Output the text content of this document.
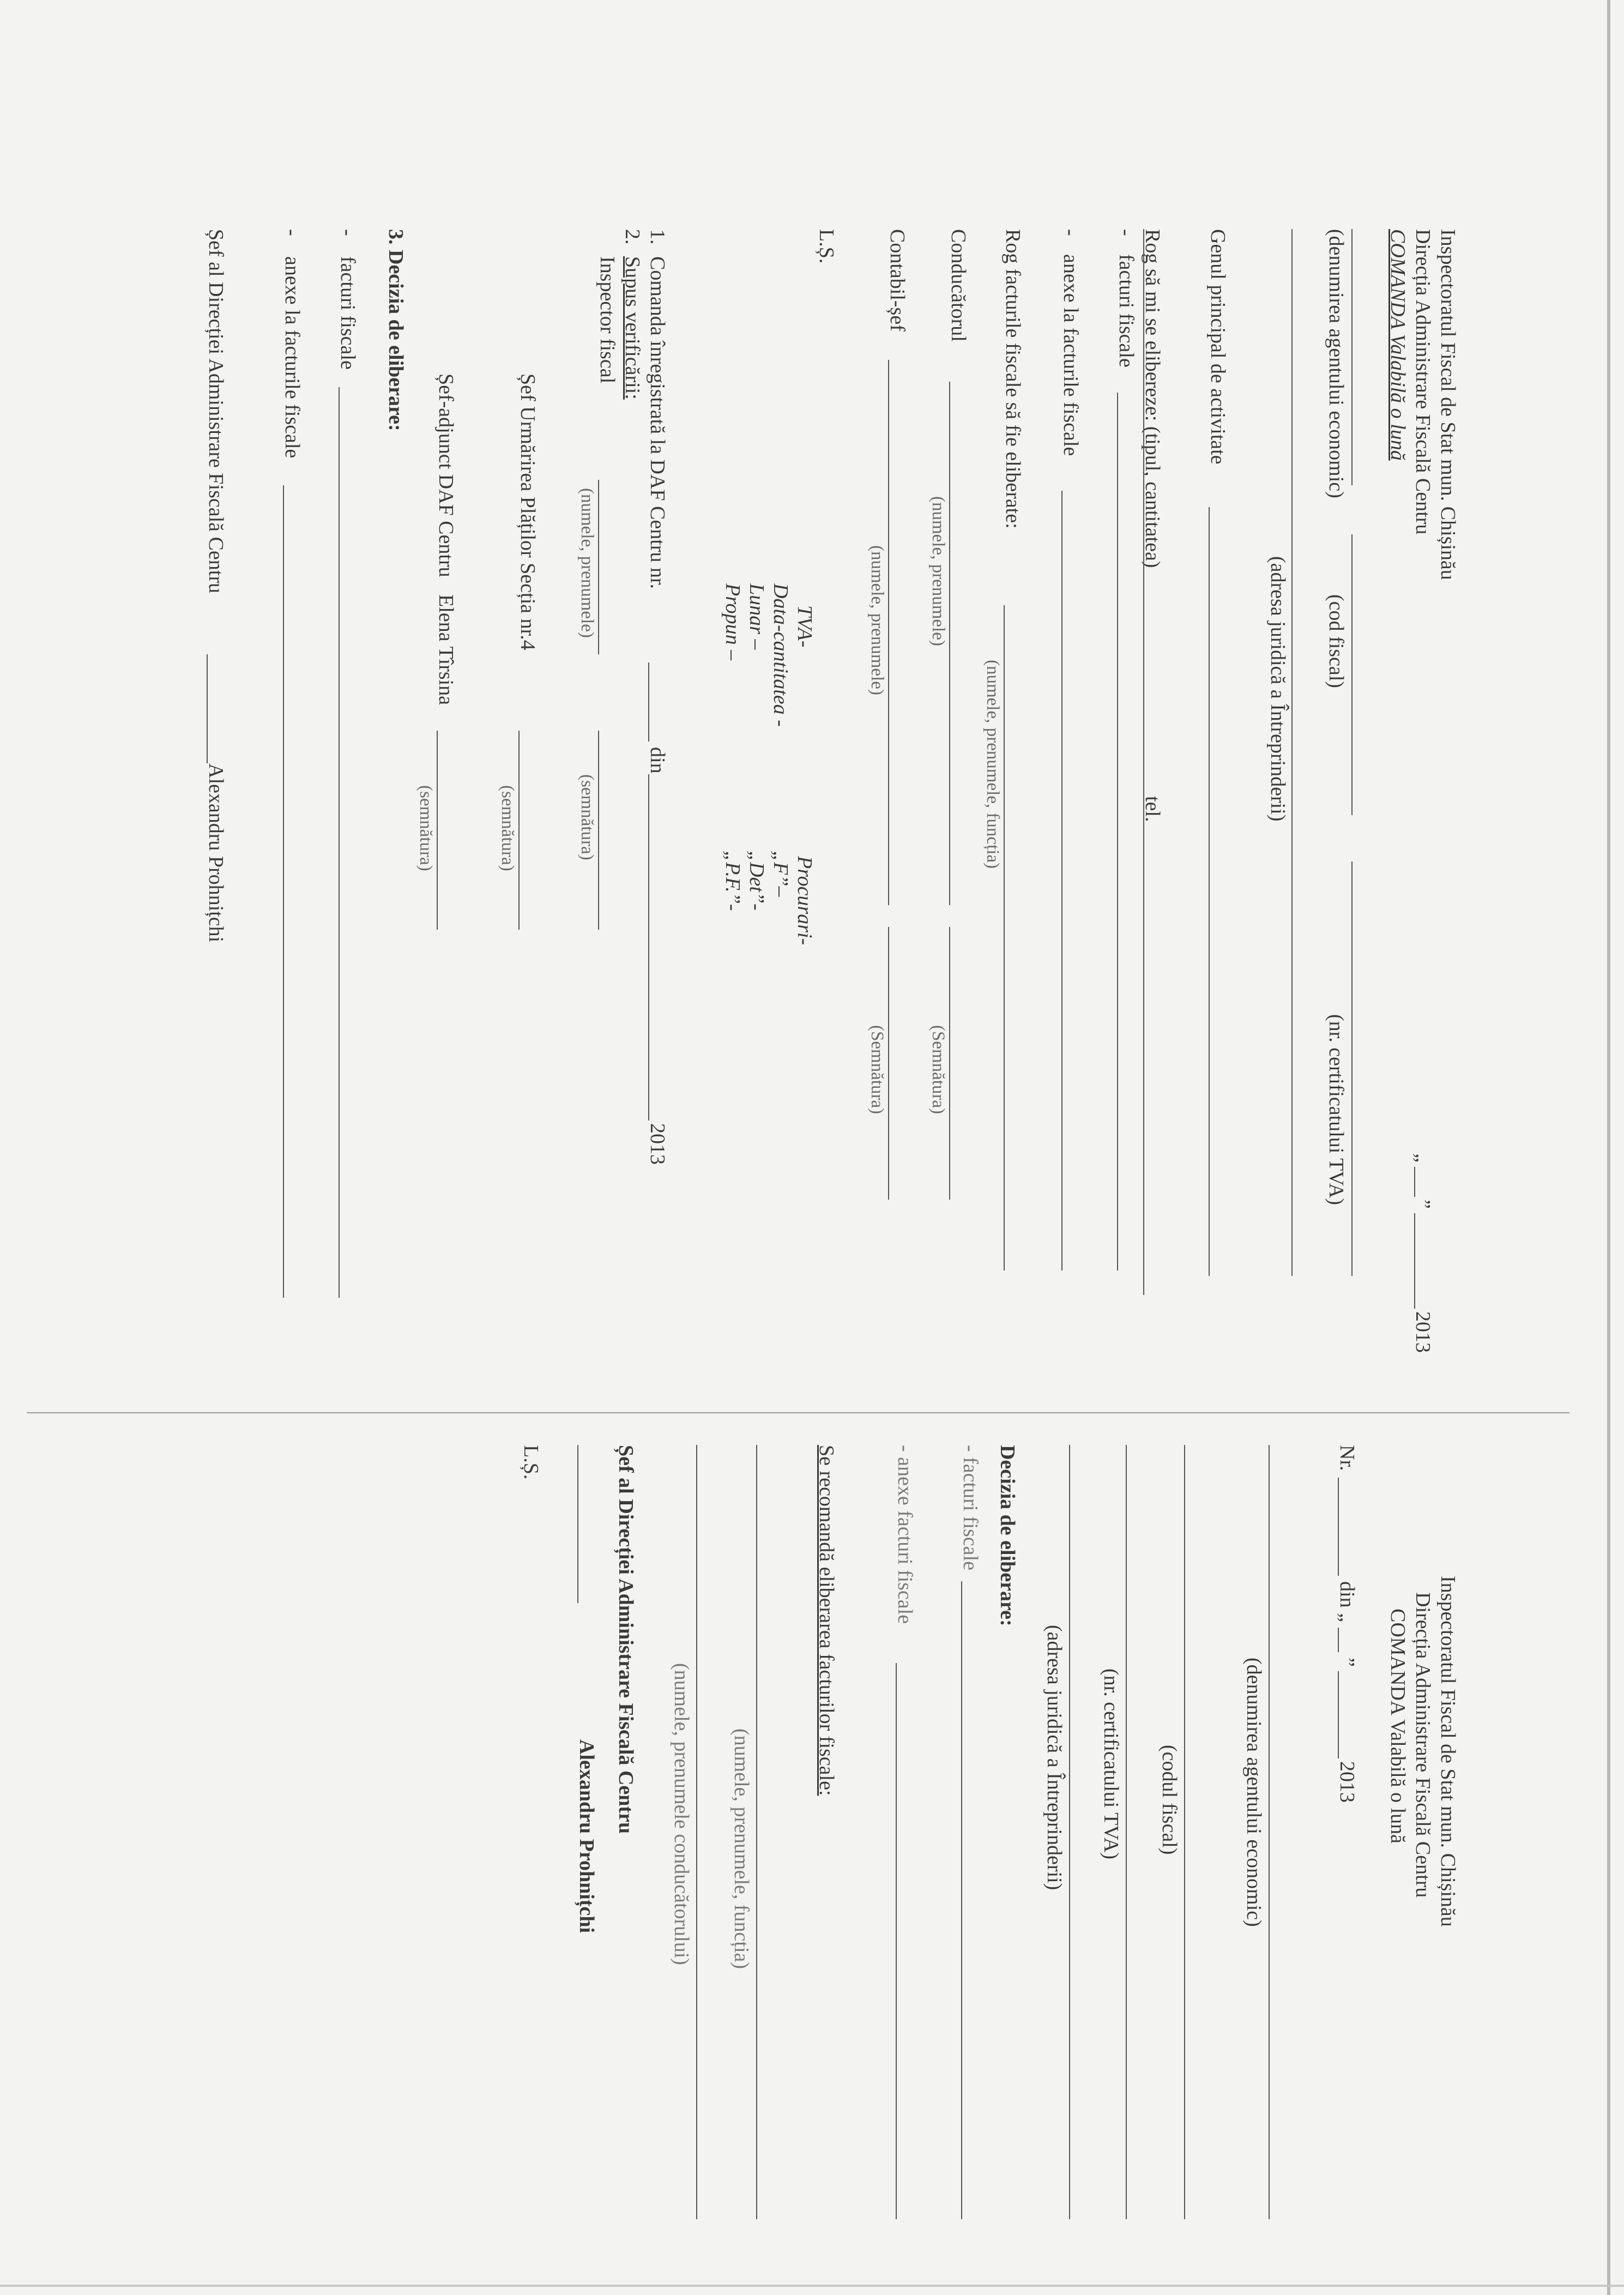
Inspectoratul Fiscal de Stat mun. Chișinău
Direcția Administrare Fiscală Centru
COMANDA Valabilă o lună
„
”
2013
(denumirea agentului economic)
(cod fiscal)
(nr. certificatului TVA)
(adresa juridică a Întreprinderii)
Genul principal de activitate
Rog să mi se elibereze: (tipul, cantitatea)
tel.
-
facturi fiscale
-
anexe la facturile fiscale
Rog facturile fiscale să fie eliberate:
(numele, prenumele, funcția)
Conducătorul
(numele, prenumele)
(Semnătura)
Contabil-șef
(numele, prenumele)
(Semnătura)
L.Ș.
TVA-
Data-cantitatea -
Lunar –
Propun –
Procurari-
„F”–
„Det”-
„P.F.”-
1.
Comanda înregistrată la DAF Centru nr.
din
2013
2.
Supus verificării:
Inspector fiscal
(numele, prenumele)
(semnătura)
Șef Urmărirea Plăților Secția nr.4
(semnătura)
Șef-adjunct DAF Centru
Elena Tîrsina
(semnătura)
3. Decizia de eliberare:
-
facturi fiscale
-
anexe la facturile fiscale
Șef al Direcției Administrare Fiscală Centru
Alexandru Prohnițchi
Inspectoratul Fiscal de Stat mun. Chișinău
Direcția Administrare Fiscală Centru
COMANDA Valabilă o lună
Nr.
din „
”
2013
(denumirea agentului economic)
(codul fiscal)
(nr. certificatului TVA)
(adresa juridică a Întreprinderii)
Decizia de eliberare:
- facturi fiscale
- anexe facturi fiscale
Se recomandă eliberarea facturilor fiscale:
(numele, prenumele, funcția)
(numele, prenumele conducătorului)
Șef al Direcției Administrare Fiscală Centru
Alexandru Prohnițchi
L.Ș.
